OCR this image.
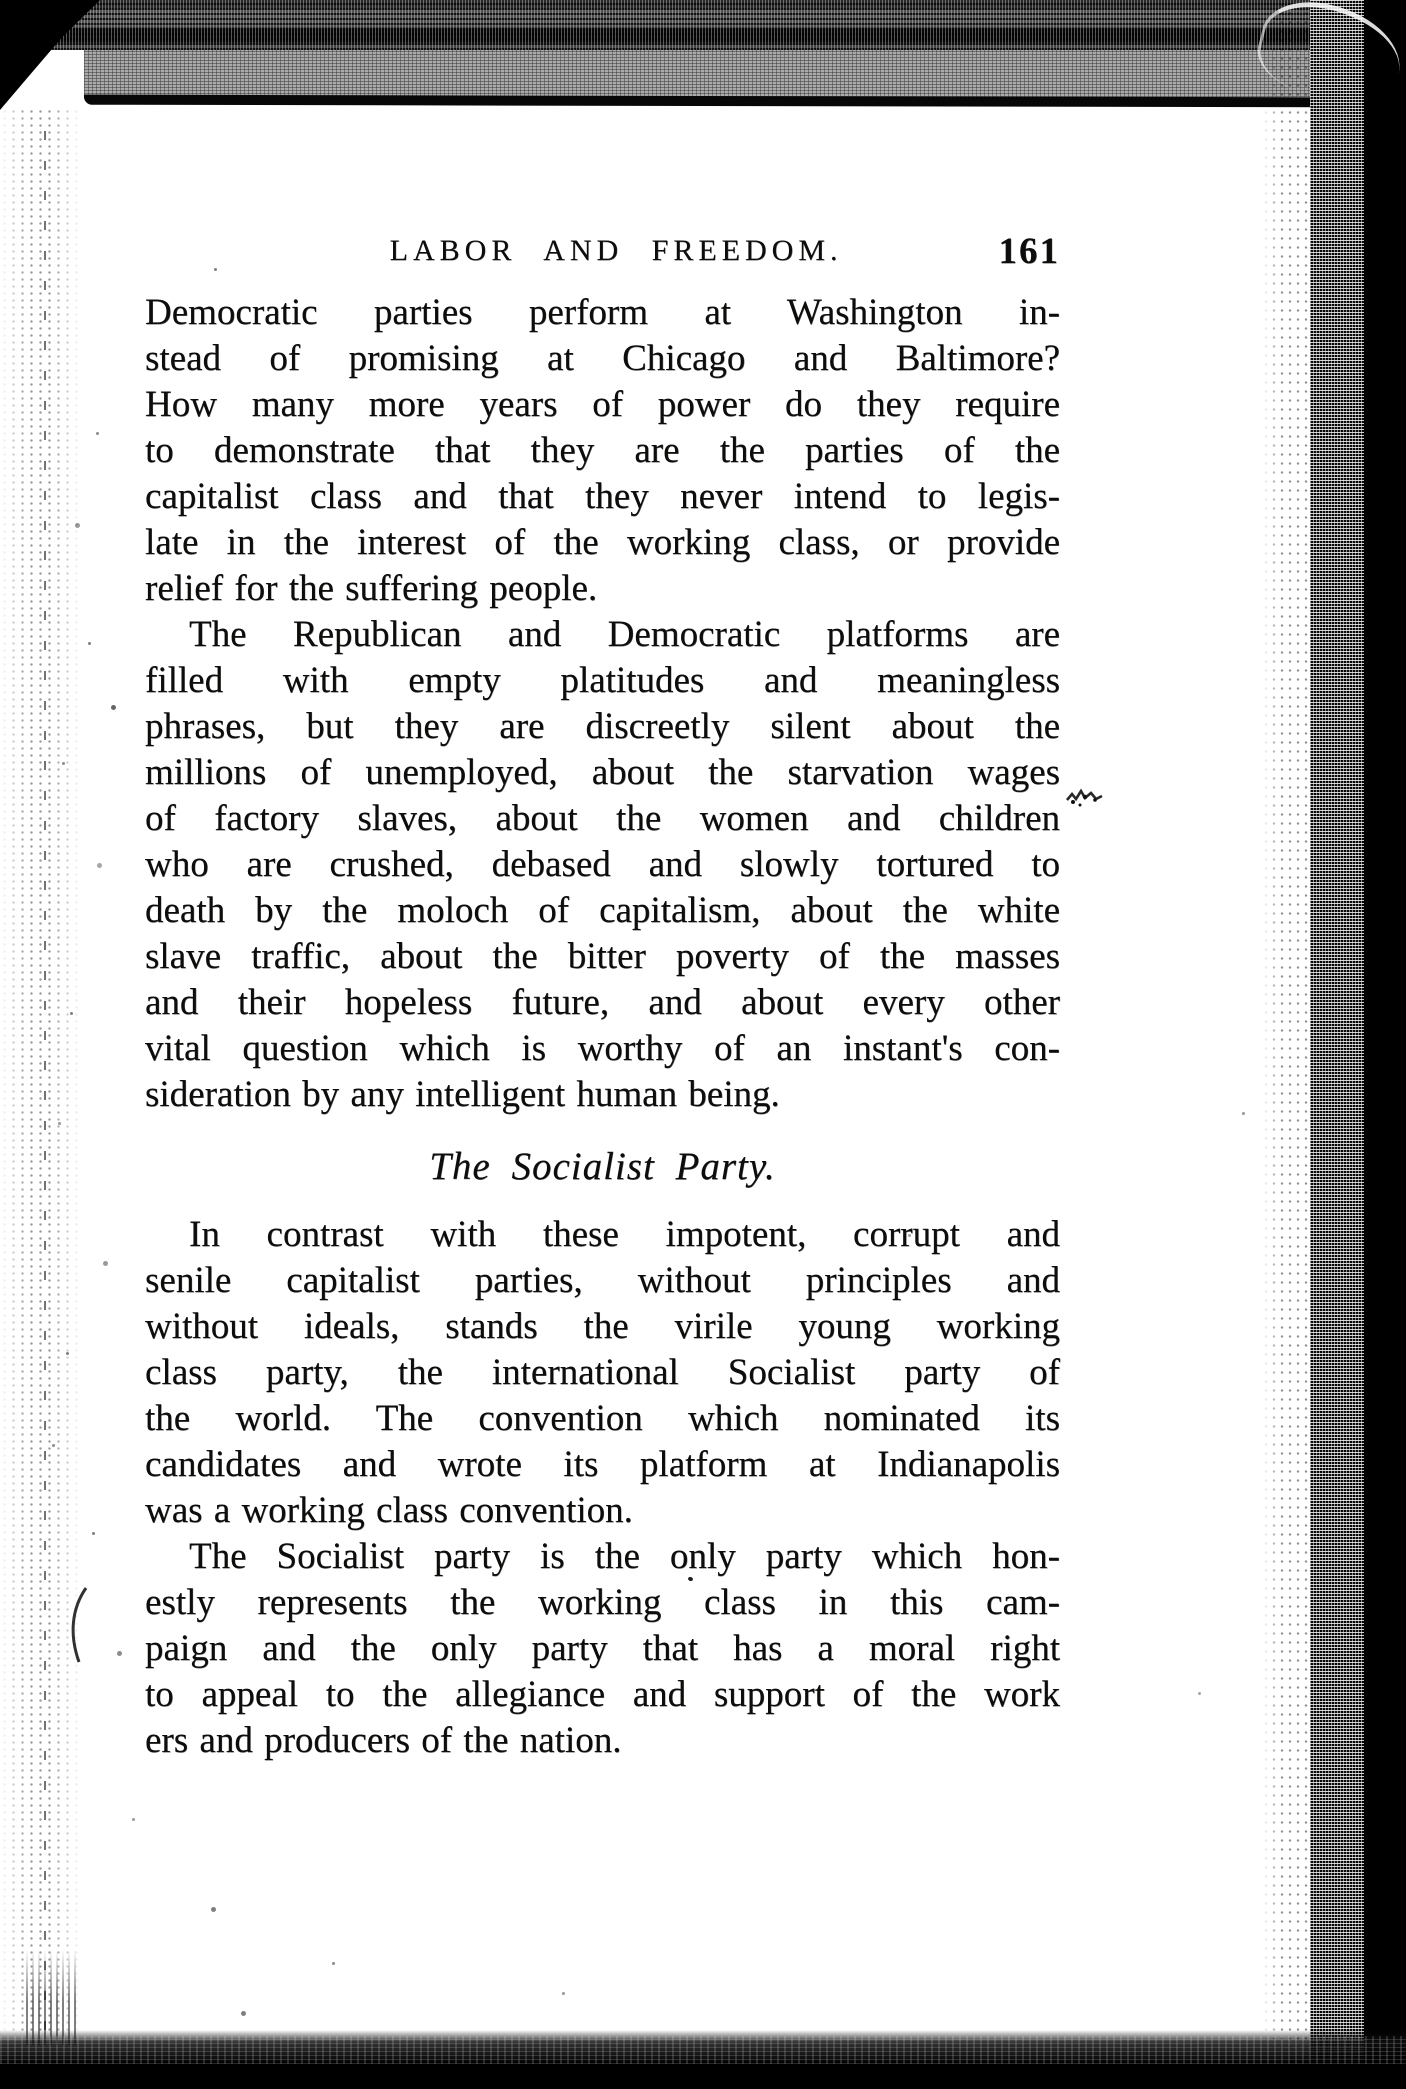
LABOR AND FREEDOM.	161
Democratic parties perform at Washington in-
stead of promising at Chicago and Baltimore?
How many more years of power do they require
to demonstrate that they are the parties of the
capitalist class and that they never intend to legis-
late in the interest of the working class, or provide
relief for the suffering people.
The Republican and Democratic platforms are
filled with empty platitudes and meaningless
phrases, but they are discreetly silent about the
millions of unemployed, about the starvation wages
of factory slaves, about the women and children
who are crushed, debased and slowly tortured to
death by the moloch of capitalism, about the white
slave traffic, about the bitter poverty of the masses
and their hopeless future, and about every other
vital question which is worthy of an instant's con-
sideration by any intelligent human being.
The Socialist Party.
In contrast with these impotent, corrupt and
senile capitalist parties, without principles and
without ideals, stands the virile young working
class party, the international Socialist party of
the world. The convention which nominated its
candidates and wrote its platform at Indianapolis
was a working class convention.
The Socialist party is the only party which hon-
estly represents the working class in this cam-
paign and the only party that has a moral right
to appeal to the allegiance and support of the work
ers and producers of the nation.
